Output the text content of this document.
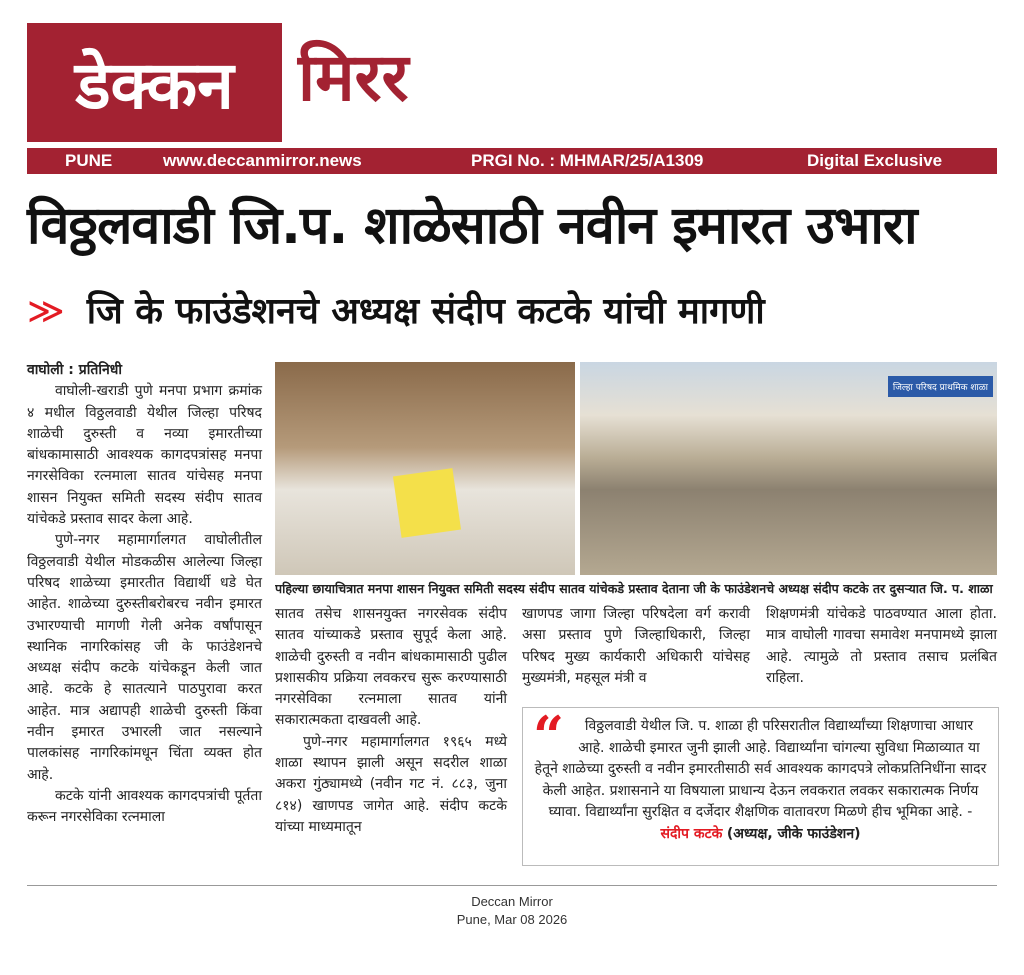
डेक्कन मिरर
PUNE	www.deccanmirror.news	PRGI No. : MHMAR/25/A1309	Digital Exclusive
विठ्ठलवाडी जि.प. शाळेसाठी नवीन इमारत उभारा
≫ जि के फाउंडेशनचे अध्यक्ष संदीप कटके यांची मागणी

वाघोली : प्रतिनिधी

वाघोली-खराडी पुणे मनपा प्रभाग क्रमांक ४ मधील विठ्ठलवाडी येथील जिल्हा परिषद शाळेची दुरुस्ती व नव्या इमारतीच्या बांधकामासाठी आवश्यक कागदपत्रांसह मनपा नगरसेविका रत्नमाला सातव यांचेसह मनपा शासन नियुक्त समिती सदस्य संदीप सातव यांचेकडे प्रस्ताव सादर केला आहे.

पुणे-नगर महामार्गालगत वाघोलीतील विठ्ठलवाडी येथील मोडकळीस आलेल्या जिल्हा परिषद शाळेच्या इमारतीत विद्यार्थी धडे घेत आहेत. शाळेच्या दुरुस्तीबरोबरच नवीन इमारत उभारण्याची मागणी गेली अनेक वर्षांपासून स्थानिक नागरिकांसह जी के फाउंडेशनचे अध्यक्ष संदीप कटके यांचेकडून केली जात आहे. कटके हे सातत्याने पाठपुरावा करत आहेत. मात्र अद्यापही शाळेची दुरुस्ती किंवा नवीन इमारत उभारली जात नसल्याने पालकांसह नागरिकांमधून चिंता व्यक्त होत आहे.

कटके यांनी आवश्यक कागदपत्रांची पूर्तता करून नगरसेविका रत्नमाला

जिल्हा परिषद प्राथमिक शाळा
पहिल्या छायाचित्रात मनपा शासन नियुक्त समिती सदस्य संदीप सातव यांचेकडे प्रस्ताव देताना जी के फाउंडेशनचे अध्यक्ष संदीप कटके तर दुसऱ्यात जि. प. शाळा

सातव तसेच शासनयुक्त नगरसेवक संदीप सातव यांच्याकडे प्रस्ताव सुपूर्द केला आहे. शाळेची दुरुस्ती व नवीन बांधकामासाठी पुढील प्रशासकीय प्रक्रिया लवकरच सुरू करण्यासाठी नगरसेविका रत्नमाला सातव यांनी सकारात्मकता दाखवली आहे.

पुणे-नगर महामार्गालगत १९६५ मध्ये शाळा स्थापन झाली असून सदरील शाळा अकरा गुंठ्यामध्ये (नवीन गट नं. ८८३, जुना ८१४) खाणपड जागेत आहे. संदीप कटके यांच्या माध्यमातून

खाणपड जागा जिल्हा परिषदेला वर्ग करावी असा प्रस्ताव पुणे जिल्हाधिकारी, जिल्हा परिषद मुख्य कार्यकारी अधिकारी यांचेसह मुख्यमंत्री, महसूल मंत्री व

शिक्षणमंत्री यांचेकडे पाठवण्यात आला होता. मात्र वाघोली गावचा समावेश मनपामध्ये झाला आहे. त्यामुळे तो प्रस्ताव तसाच प्रलंबित राहिला.

“ विठ्ठलवाडी येथील जि. प. शाळा ही परिसरातील विद्यार्थ्यांच्या शिक्षणाचा आधार आहे. शाळेची इमारत जुनी झाली आहे. विद्यार्थ्यांना चांगल्या सुविधा मिळाव्यात या हेतूने शाळेच्या दुरुस्ती व नवीन इमारतीसाठी सर्व आवश्यक कागदपत्रे लोकप्रतिनिधींना सादर केली आहेत. प्रशासनाने या विषयाला प्राधान्य देऊन लवकरात लवकर सकारात्मक निर्णय घ्यावा. विद्यार्थ्यांना सुरक्षित व दर्जेदार शैक्षणिक वातावरण मिळणे हीच भूमिका आहे. - संदीप कटके (अध्यक्ष, जीके फाउंडेशन)
Deccan Mirror
Pune, Mar 08 2026
